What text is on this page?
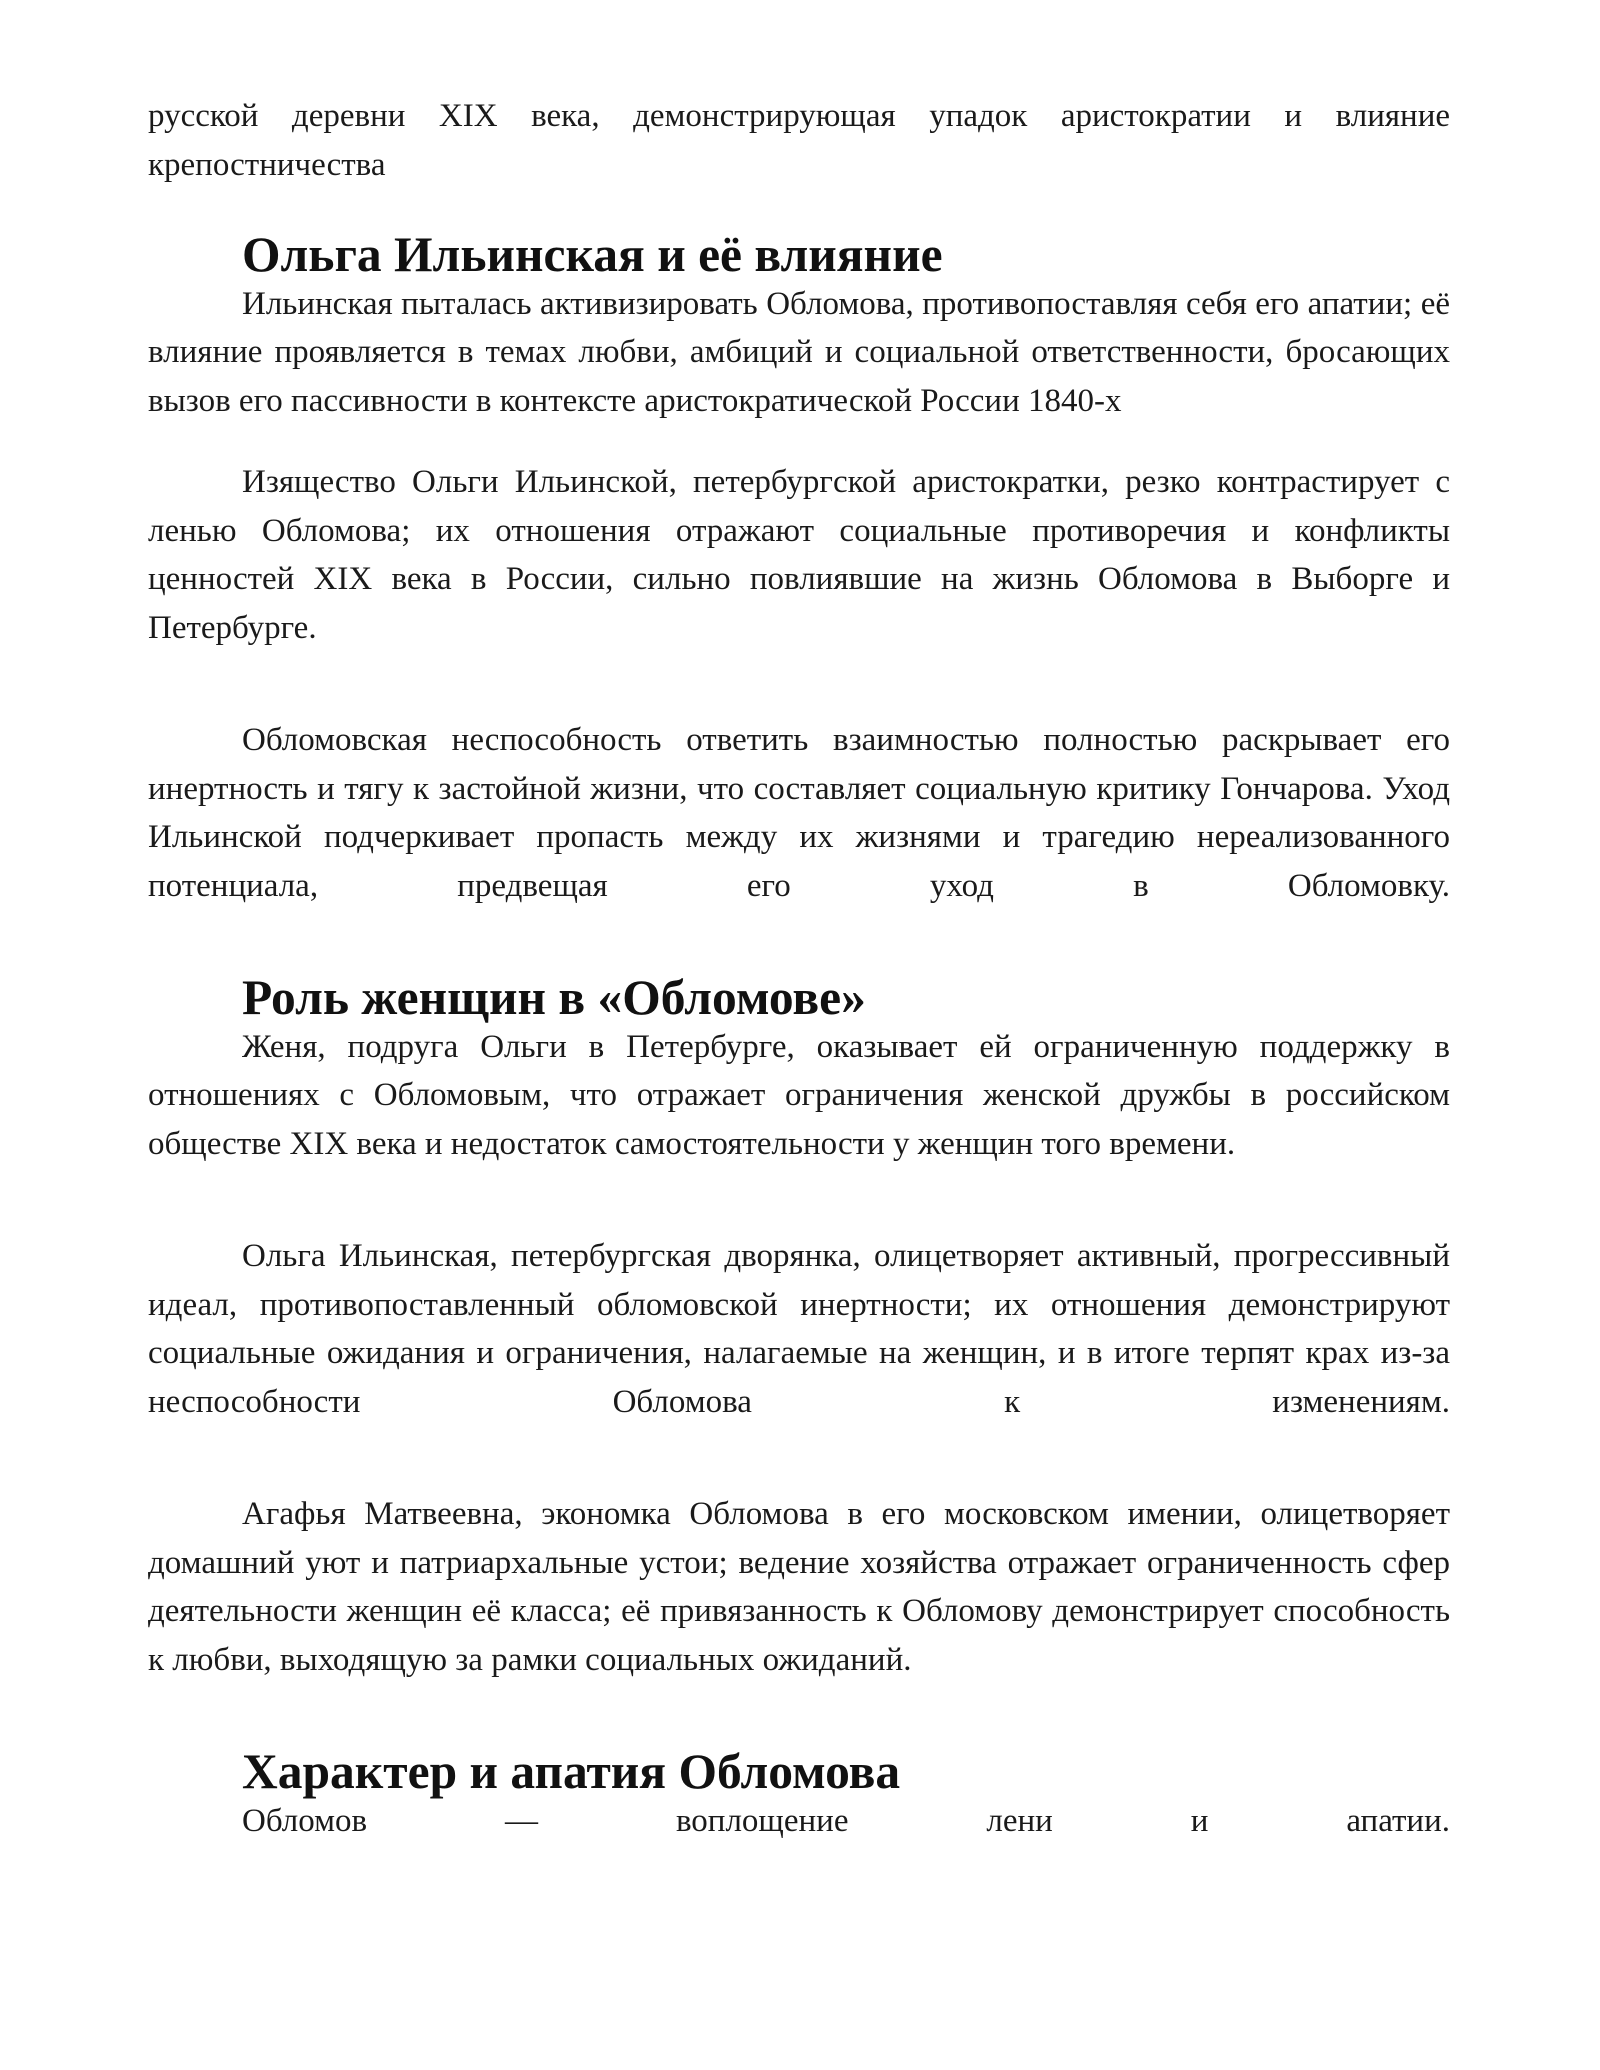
русской деревни XIX века, демонстрирующая упадок аристократии и влияние крепостничества

Ольга Ильинская и её влияние

Ильинская пыталась активизировать Обломова, противопоставляя себя его апатии; её влияние проявляется в темах любви, амбиций и социальной ответственности, бросающих вызов его пассивности в контексте аристократической России 1840-х

Изящество Ольги Ильинской, петербургской аристократки, резко контрастирует с ленью Обломова; их отношения отражают социальные противоречия и конфликты ценностей XIX века в России, сильно повлиявшие на жизнь Обломова в Выборге и Петербурге.

Обломовская неспособность ответить взаимностью полностью раскрывает его инертность и тягу к застойной жизни, что составляет социальную критику Гончарова. Уход Ильинской подчеркивает пропасть между их жизнями и трагедию нереализованного потенциала, предвещая его уход в Обломовку.

Роль женщин в «Обломове»

Женя, подруга Ольги в Петербурге, оказывает ей ограниченную поддержку в отношениях с Обломовым, что отражает ограничения женской дружбы в российском обществе XIX века и недостаток самостоятельности у женщин того времени.

Ольга Ильинская, петербургская дворянка, олицетворяет активный, прогрессивный идеал, противопоставленный обломовской инертности; их отношения демонстрируют социальные ожидания и ограничения, налагаемые на женщин, и в итоге терпят крах из-за неспособности Обломова к изменениям.

Агафья Матвеевна, экономка Обломова в его московском имении, олицетворяет домашний уют и патриархальные устои; ведение хозяйства отражает ограниченность сфер деятельности женщин её класса; её привязанность к Обломову демонстрирует способность к любви, выходящую за рамки социальных ожиданий.

Характер и апатия Обломова

Обломов — воплощение лени и апатии.
